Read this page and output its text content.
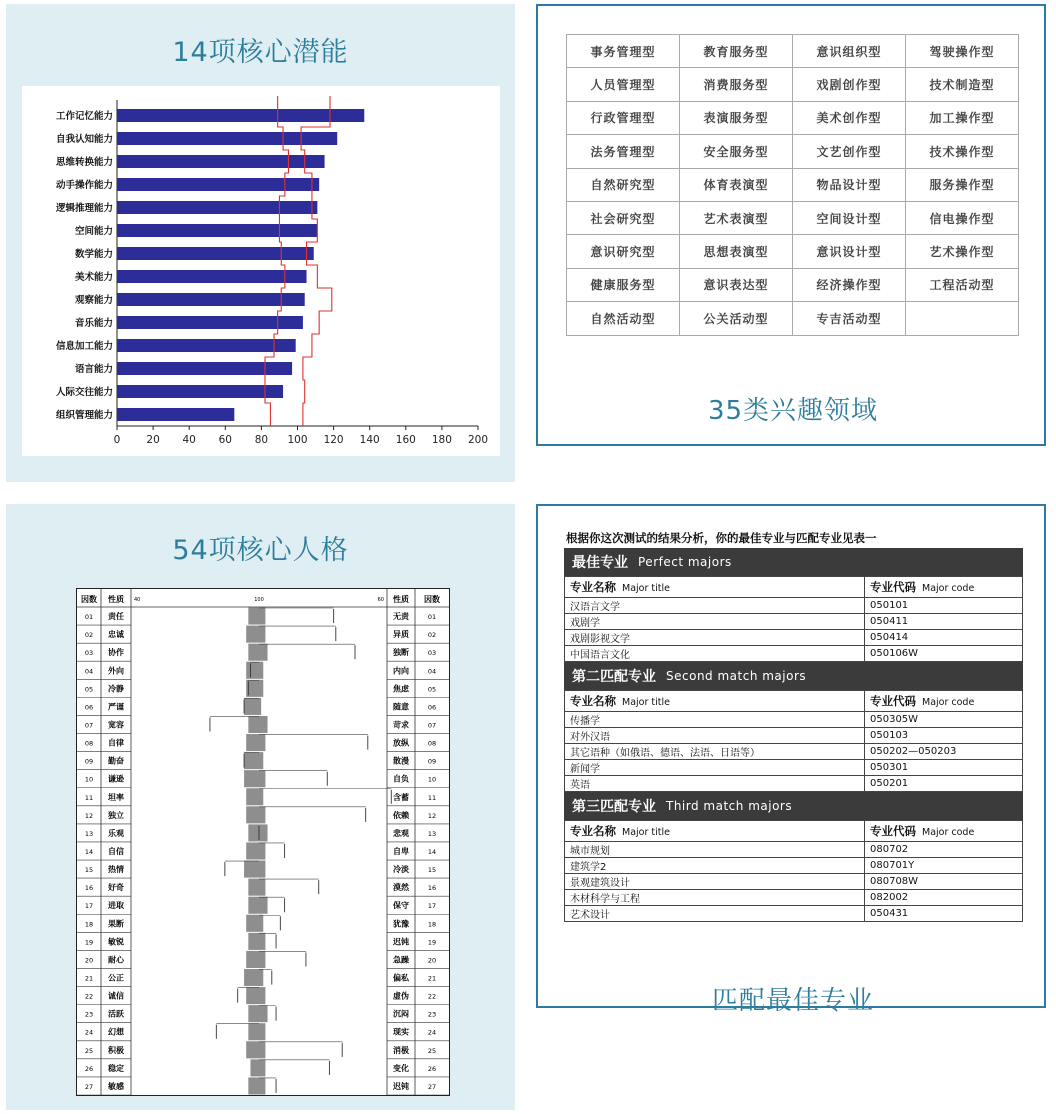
14项核心潜能
工作记忆能力
自我认知能力
思维转换能力
动手操作能力
逻辑推理能力
空间能力
数学能力
美术能力
观察能力
音乐能力
信息加工能力
语言能力
人际交往能力
组织管理能力
0 20 40 60 80 100 120 140 160 180 200
事务管理型	教育服务型	意识组织型	驾驶操作型
人员管理型	消费服务型	戏剧创作型	技术制造型
行政管理型	表演服务型	美术创作型	加工操作型
法务管理型	安全服务型	文艺创作型	技术操作型
自然研究型	体育表演型	物品设计型	服务操作型
社会研究型	艺术表演型	空间设计型	信电操作型
意识研究型	思想表演型	意识设计型	艺术操作型
健康服务型	意识表达型	经济操作型	工程活动型
自然活动型	公关活动型	专吉活动型	
35类兴趣领域
54项核心人格
因数 性质 40	100	60 性质 因数
01 责任	无责	01
02 忠诚	异质	02
03 协作	独断	03
04 外向	内向	04
05 冷静	焦虑	05
06 严谨	随意	06
07 宽容	苛求	07
08 自律	放纵	08
09 勤奋	散漫	09
10 谦逊	自负	10
11 坦率	含蓄	11
12 独立	依赖	12
13 乐观	悲观	13
14 自信	自卑	14
15 热情	冷淡	15
16 好奇	漠然	16
17 进取	保守	17
18 果断	犹豫	18
19 敏锐	迟钝	19
20 耐心	急躁	20
21 公正	偏私	21
22 诚信	虚伪	22
23 活跃	沉闷	23
24 幻想	现实	24
25 积极	消极	25
26 稳定	变化	26
27 敏感	迟钝	27
根据你这次测试的结果分析，你的最佳专业与匹配专业见表一
最佳专业 Perfect majors
专业名称 Major title	专业代码 Major code
汉语言文学	050101
戏剧学	050411
戏剧影视文学	050414
中国语言文化	050106W
第二匹配专业 Second match majors
专业名称 Major title	专业代码 Major code
传播学	050305W
对外汉语	050103
其它语种（如俄语、德语、法语、日语等）	050202—050203
新闻学	050301
英语	050201
第三匹配专业 Third match majors
专业名称 Major title	专业代码 Major code
城市规划	080702
建筑学2	080701Y
景观建筑设计	080708W
木材科学与工程	082002
艺术设计	050431
匹配最佳专业
